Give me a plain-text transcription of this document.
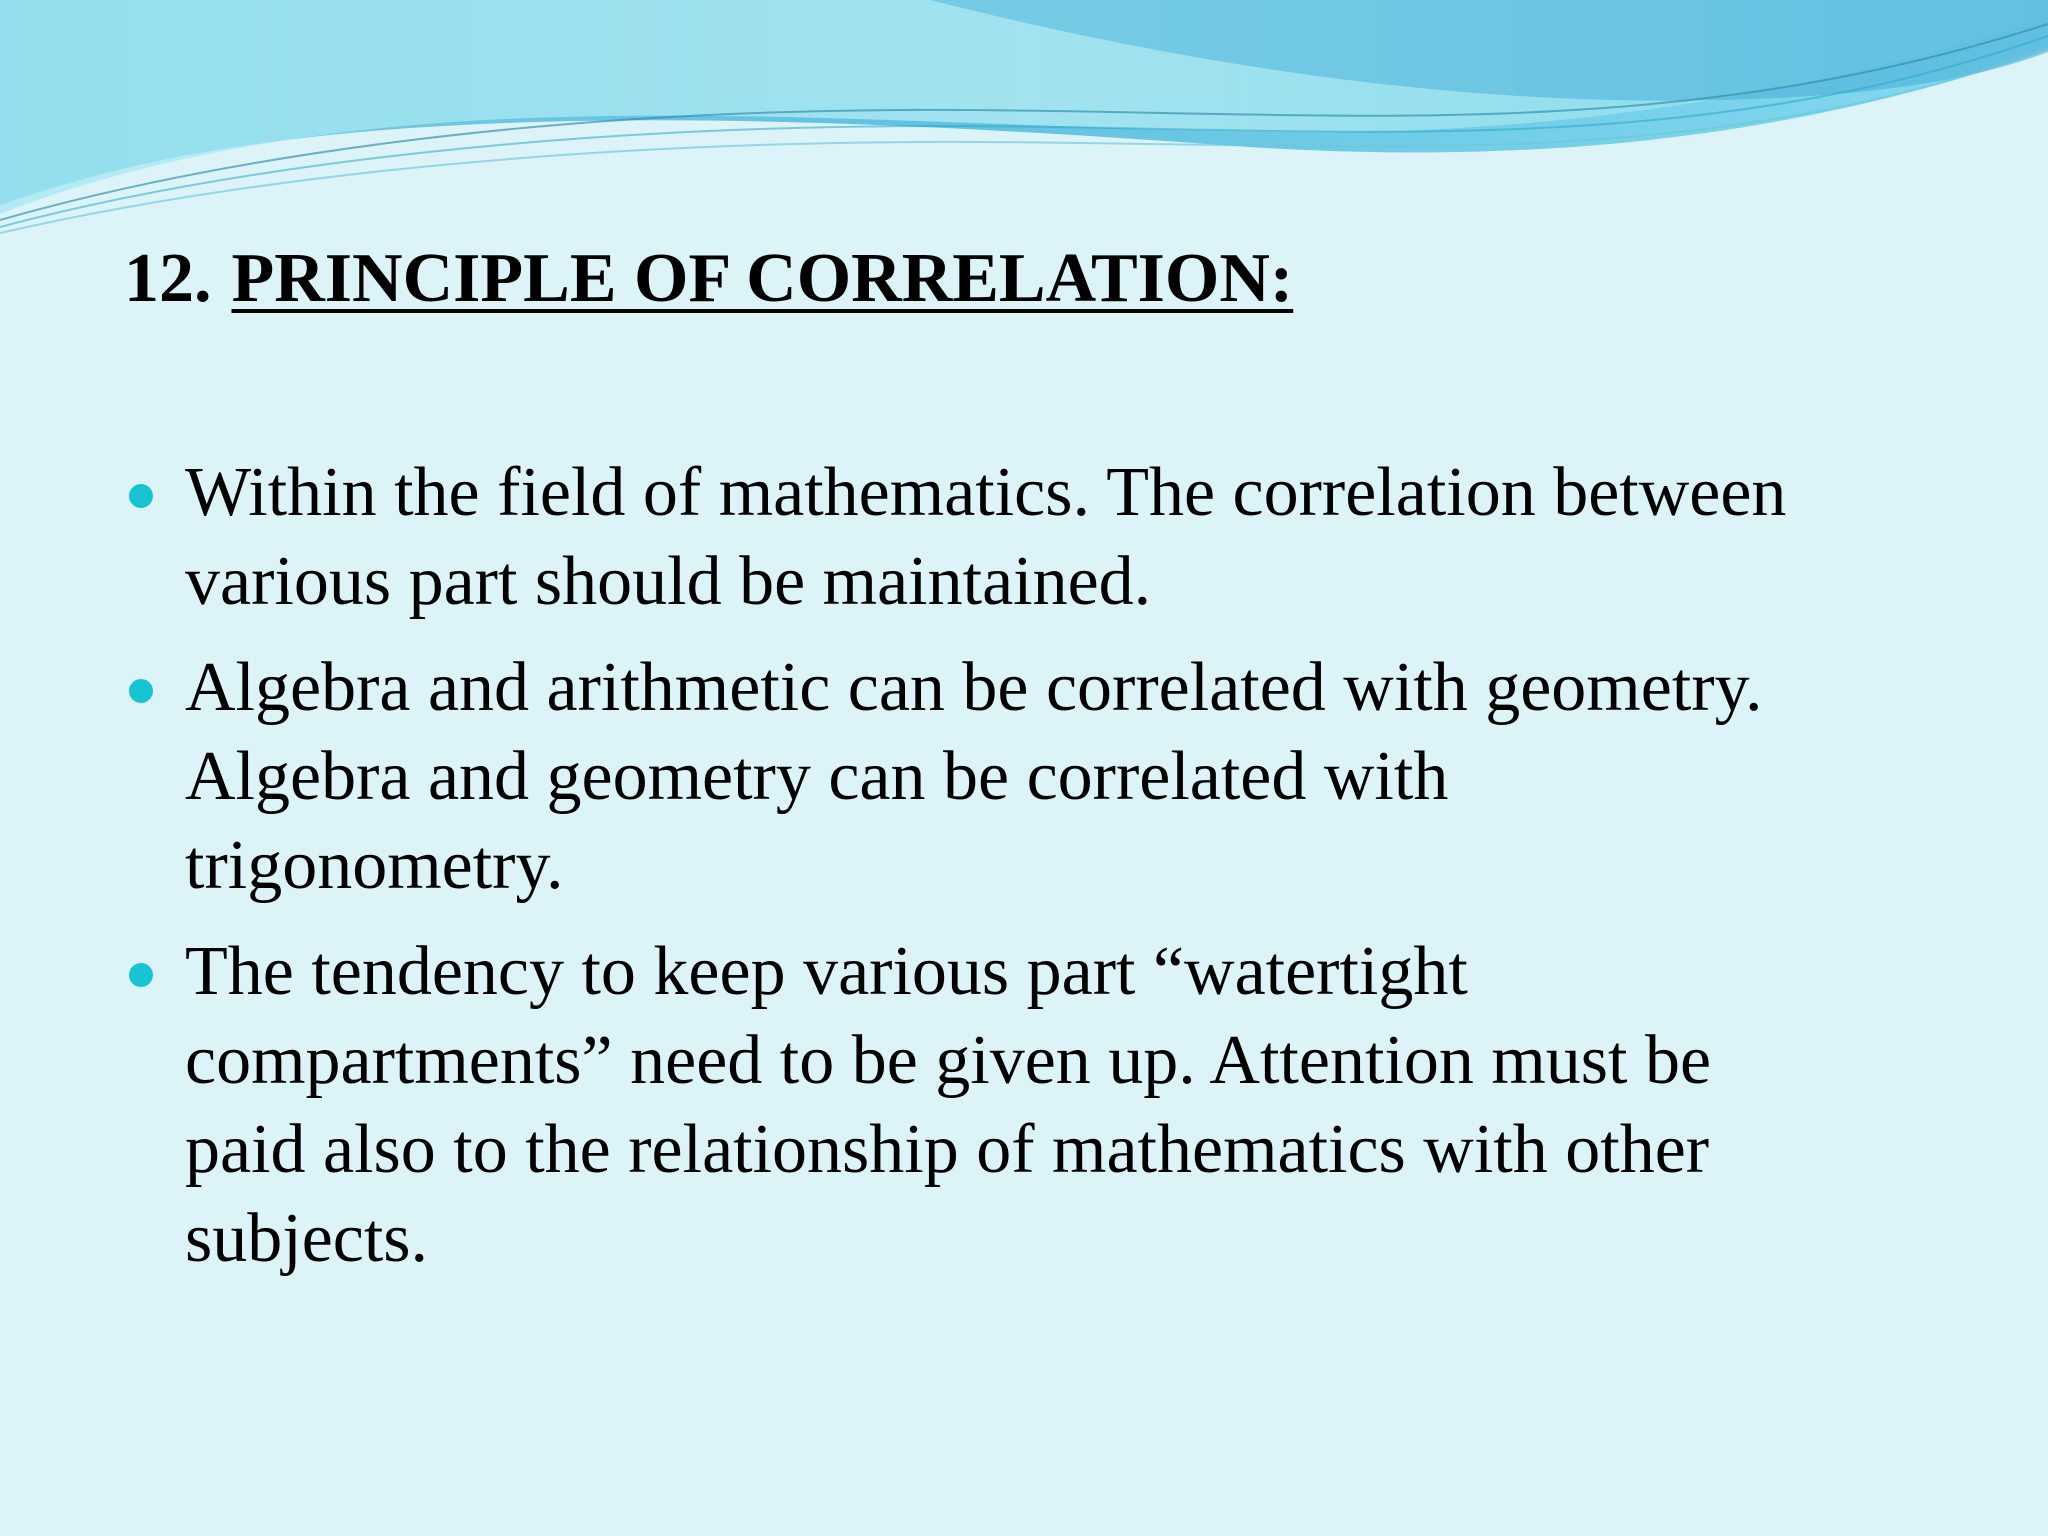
12. PRINCIPLE OF CORRELATION:
Within the field of mathematics. The correlation between
various part should be maintained.
Algebra and arithmetic can be correlated with geometry.
Algebra and geometry can be correlated with
trigonometry.
The tendency to keep various part “watertight
compartments” need to be given up. Attention must be
paid also to the relationship of mathematics with other
subjects.
